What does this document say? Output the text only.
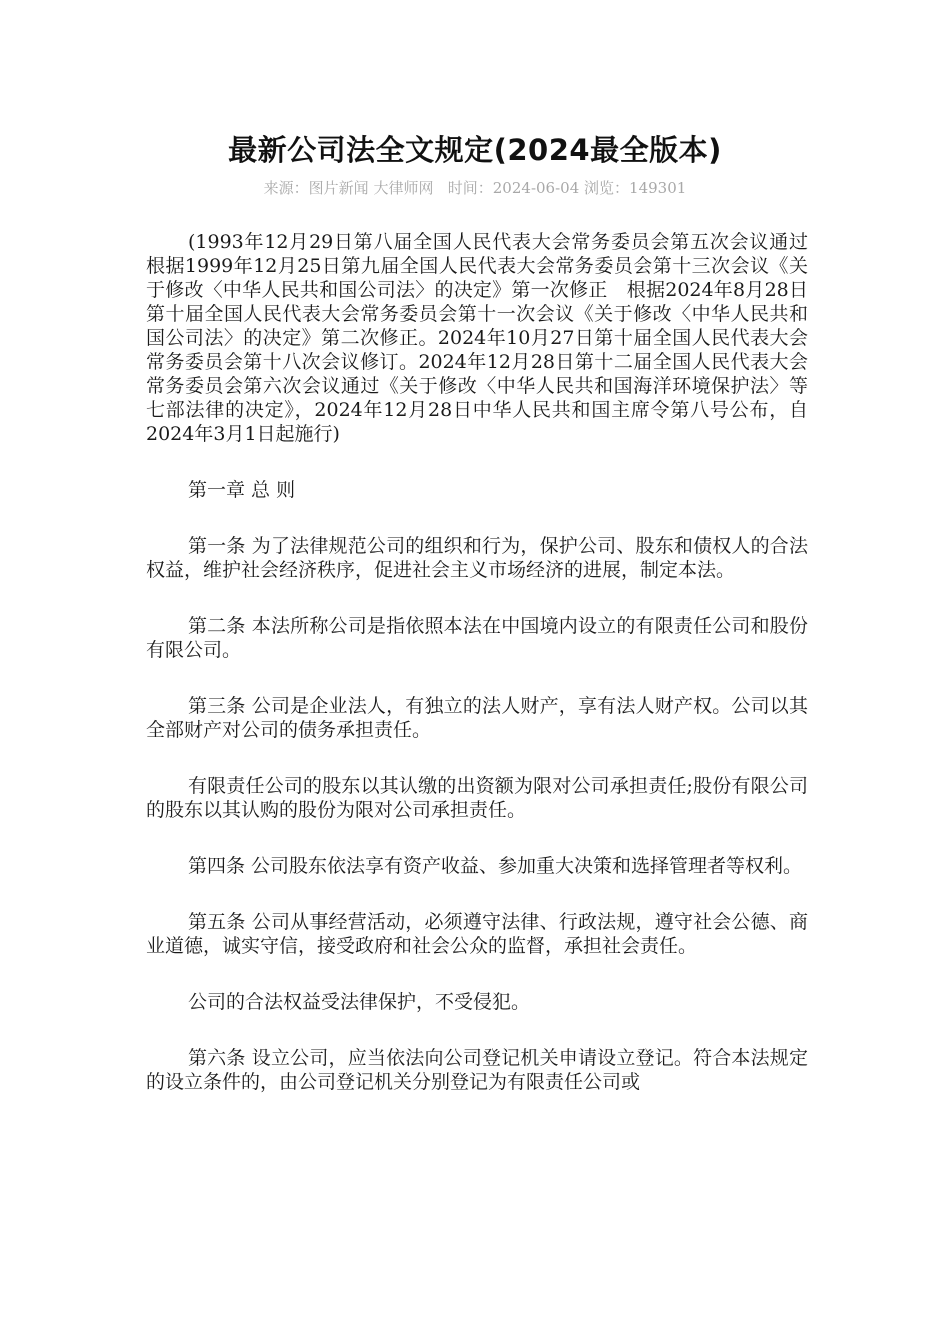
最新公司法全文规定(2024最全版本)
来源：图片新闻 大律师网 时间：2024-06-04 浏览：149301

(1993年12月29日第八届全国人民代表大会常务委员会第五次会议通过　根据1999年12月25日第九届全国人民代表大会常务委员会第十三次会议《关于修改〈中华人民共和国公司法〉的决定》第一次修正　根据2024年8月28日第十届全国人民代表大会常务委员会第十一次会议《关于修改〈中华人民共和国公司法〉的决定》第二次修正。2024年10月27日第十届全国人民代表大会常务委员会第十八次会议修订。2024年12月28日第十二届全国人民代表大会常务委员会第六次会议通过《关于修改〈中华人民共和国海洋环境保护法〉等七部法律的决定》，2024年12月28日中华人民共和国主席令第八号公布，自2024年3月1日起施行)

第一章 总 则

第一条 为了法律规范公司的组织和行为，保护公司、股东和债权人的合法权益，维护社会经济秩序，促进社会主义市场经济的进展，制定本法。

第二条 本法所称公司是指依照本法在中国境内设立的有限责任公司和股份有限公司。

第三条 公司是企业法人，有独立的法人财产，享有法人财产权。公司以其全部财产对公司的债务承担责任。

有限责任公司的股东以其认缴的出资额为限对公司承担责任;股份有限公司的股东以其认购的股份为限对公司承担责任。

第四条 公司股东依法享有资产收益、参加重大决策和选择管理者等权利。

第五条 公司从事经营活动，必须遵守法律、行政法规，遵守社会公德、商业道德，诚实守信，接受政府和社会公众的监督，承担社会责任。

公司的合法权益受法律保护，不受侵犯。

第六条 设立公司，应当依法向公司登记机关申请设立登记。符合本法规定的设立条件的，由公司登记机关分别登记为有限责任公司或
